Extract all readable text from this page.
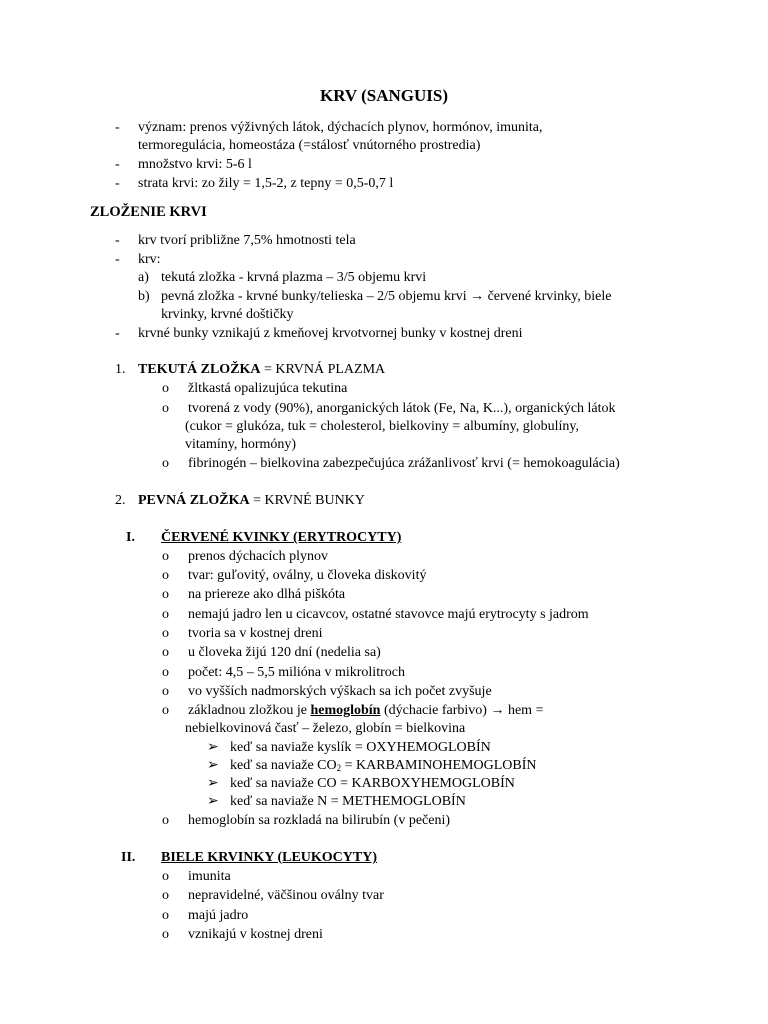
KRV (SANGUIS)
- význam: prenos výživných látok, dýchacích plynov, hormónov, imunita,
termoregulácia, homeostáza (=stálosť vnútorného prostredia)
- množstvo krvi: 5-6 l
- strata krvi: zo žily = 1,5-2, z tepny = 0,5-0,7 l
ZLOŽENIE KRVI
- krv tvorí približne 7,5% hmotnosti tela
- krv:
a) tekutá zložka - krvná plazma – 3/5 objemu krvi
b) pevná zložka - krvné bunky/telieska – 2/5 objemu krvi → červené krvinky, biele
krvinky, krvné doštičky
- krvné bunky vznikajú z kmeňovej krvotvornej bunky v kostnej dreni
1. TEKUTÁ ZLOŽKA = KRVNÁ PLAZMA
o žltkastá opalizujúca tekutina
o tvorená z vody (90%), anorganických látok (Fe, Na, K...), organických látok
(cukor = glukóza, tuk = cholesterol, bielkoviny = albumíny, globulíny,
vitamíny, hormóny)
o fibrinogén – bielkovina zabezpečujúca zrážanlivosť krvi (= hemokoagulácia)
2. PEVNÁ ZLOŽKA = KRVNÉ BUNKY
I. ČERVENÉ KVINKY (ERYTROCYTY)
o prenos dýchacích plynov
o tvar: guľovitý, oválny, u človeka diskovitý
o na priereze ako dlhá piškóta
o nemajú jadro len u cicavcov, ostatné stavovce majú erytrocyty s jadrom
o tvoria sa v kostnej dreni
o u človeka žijú 120 dní (nedelia sa)
o počet: 4,5 – 5,5 milióna v mikrolitroch
o vo vyšších nadmorských výškach sa ich počet zvyšuje
o základnou zložkou je hemoglobín (dýchacie farbivo) → hem =
nebielkovinová časť – železo, globín = bielkovina
➢ keď sa naviaže kyslík = OXYHEMOGLOBÍN
➢ keď sa naviaže $CO_2$ = KARBAMINOHEMOGLOBÍN
➢ keď sa naviaže CO = KARBOXYHEMOGLOBÍN
➢ keď sa naviaže N = METHEMOGLOBÍN
o hemoglobín sa rozkladá na bilirubín (v pečeni)
II. BIELE KRVINKY (LEUKOCYTY)
o imunita
o nepravidelné, väčšinou oválny tvar
o majú jadro
o vznikajú v kostnej dreni
